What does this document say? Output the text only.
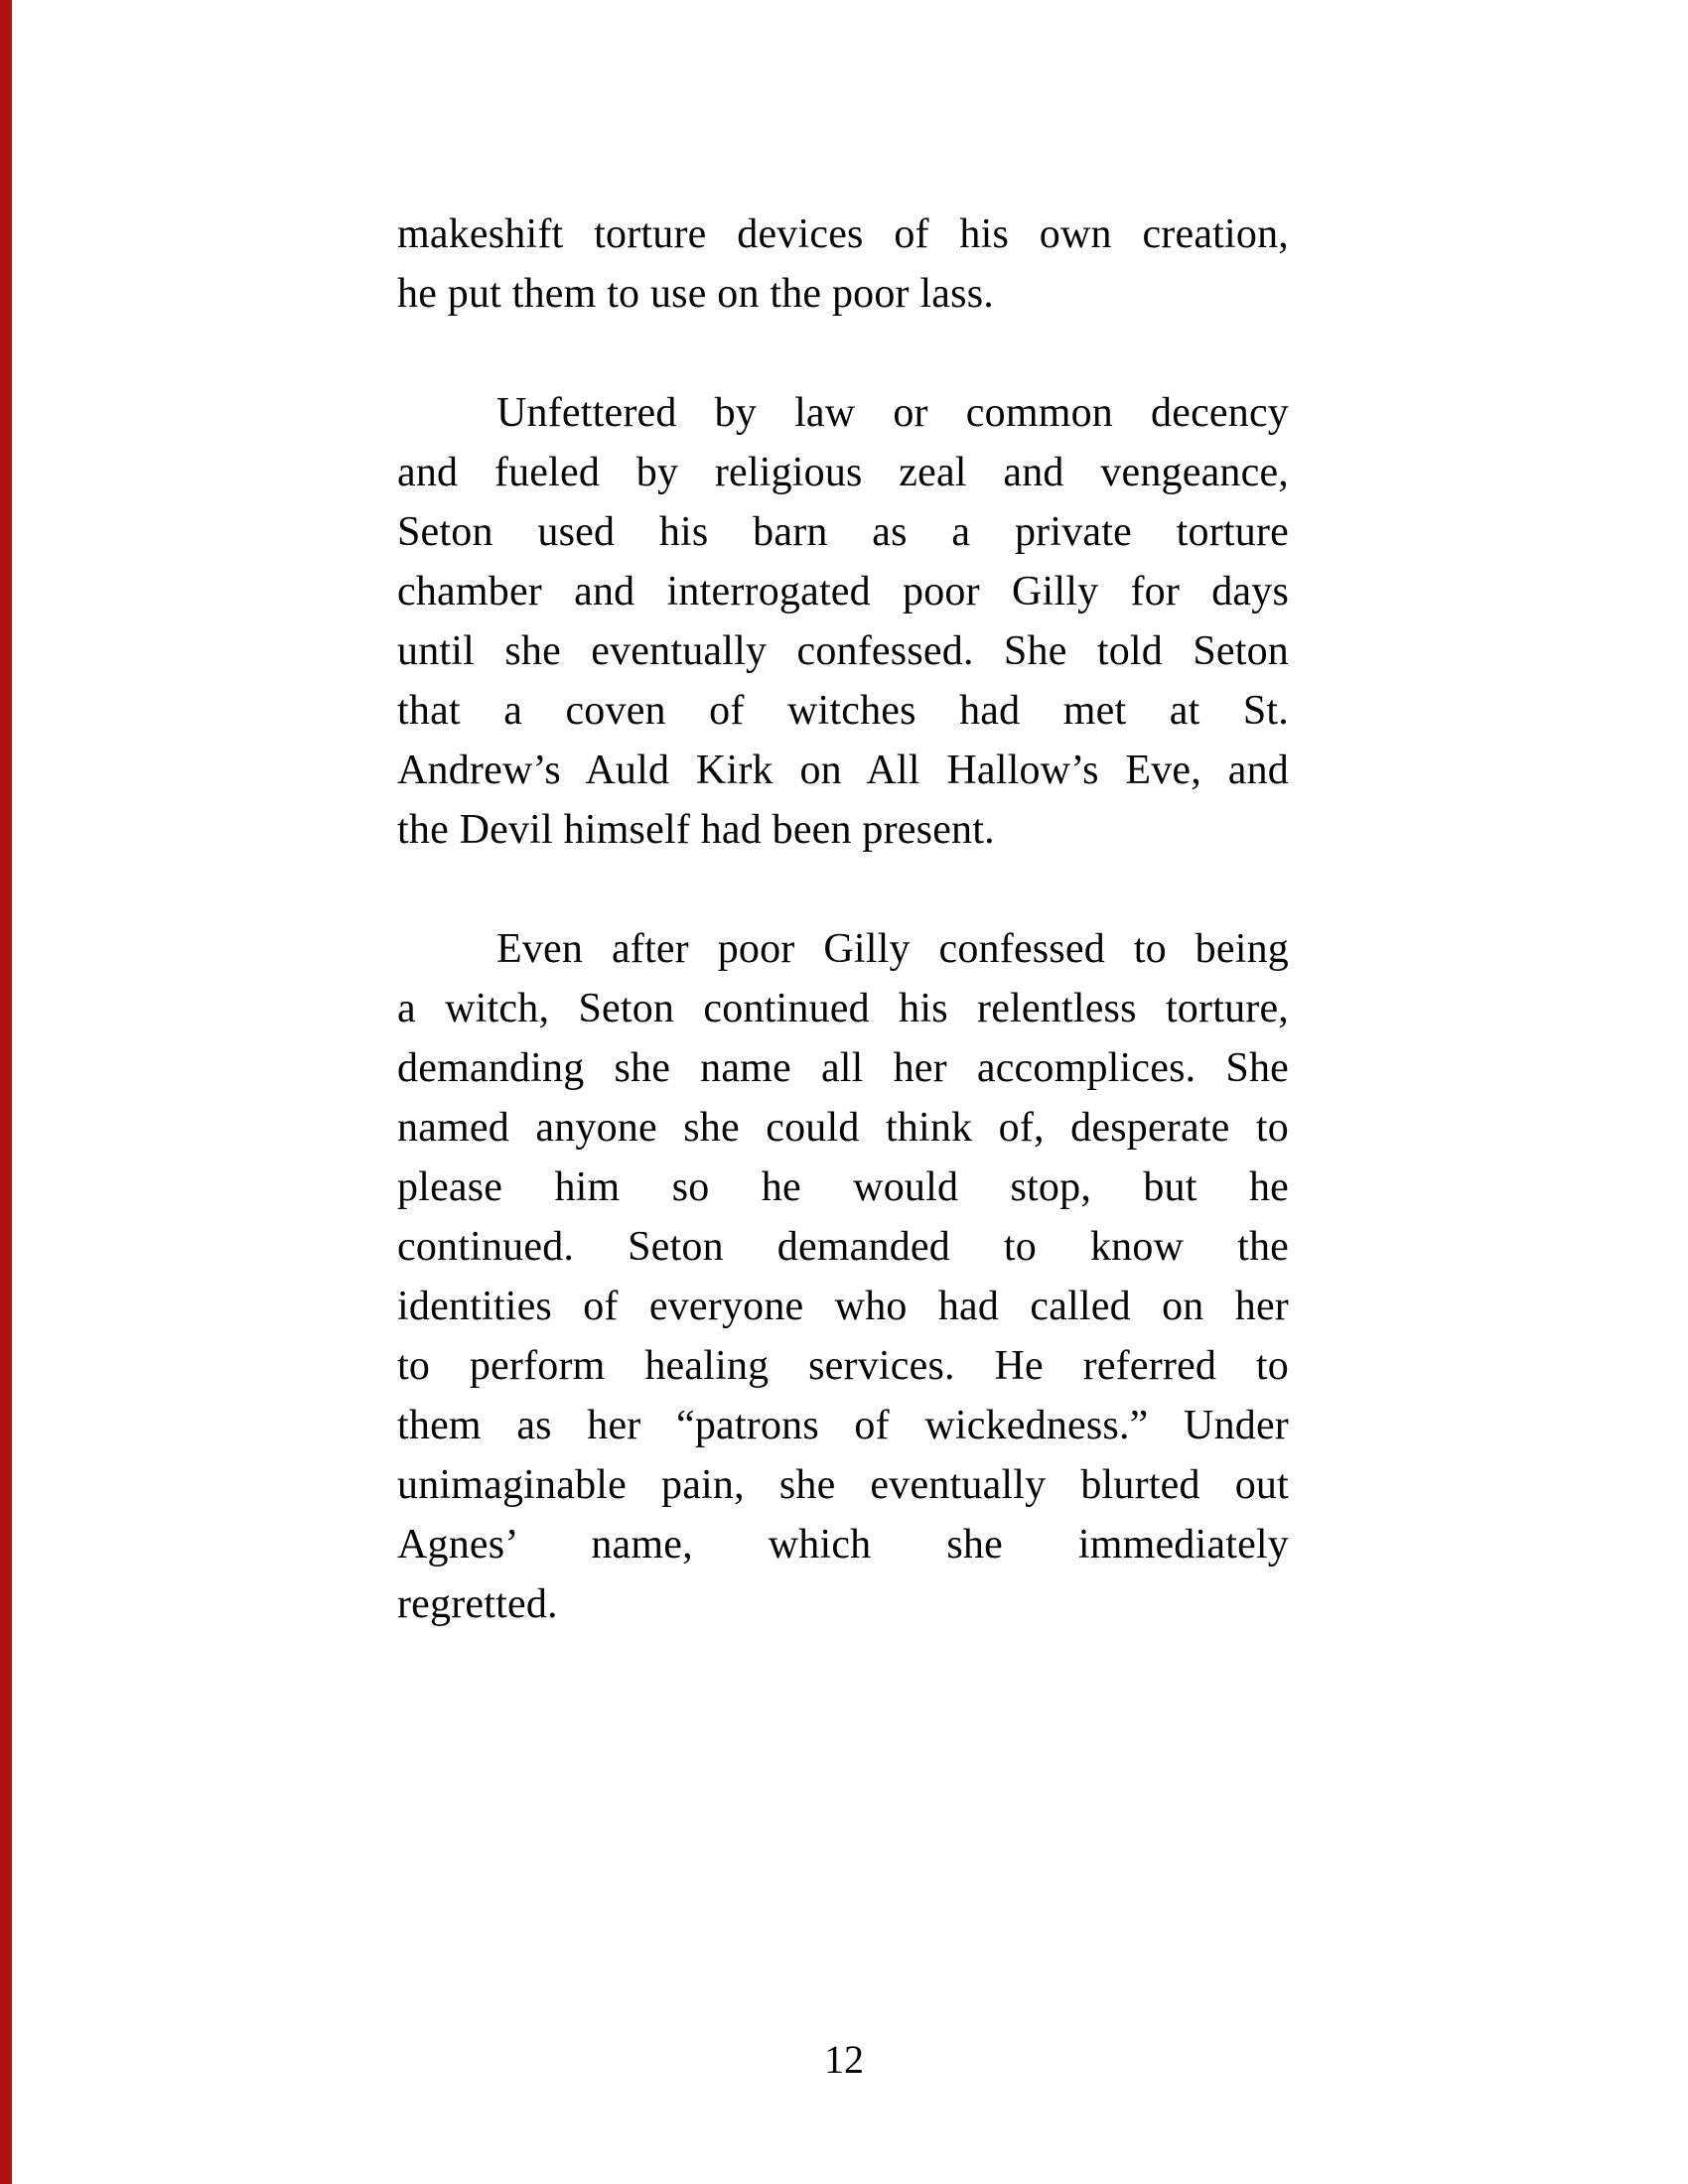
makeshift torture devices of his own creation,
he put them to use on the poor lass.
Unfettered by law or common decency
and fueled by religious zeal and vengeance,
Seton used his barn as a private torture
chamber and interrogated poor Gilly for days
until she eventually confessed. She told Seton
that a coven of witches had met at St.
Andrew’s Auld Kirk on All Hallow’s Eve, and
the Devil himself had been present.
Even after poor Gilly confessed to being
a witch, Seton continued his relentless torture,
demanding she name all her accomplices. She
named anyone she could think of, desperate to
please him so he would stop, but he
continued. Seton demanded to know the
identities of everyone who had called on her
to perform healing services. He referred to
them as her “patrons of wickedness.” Under
unimaginable pain, she eventually blurted out
Agnes’ name, which she immediately
regretted.
12
